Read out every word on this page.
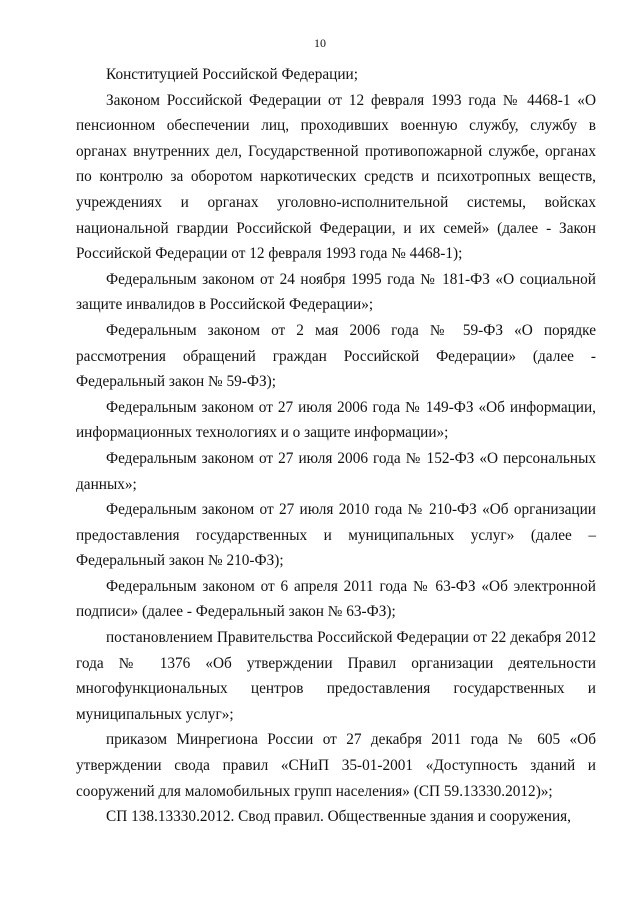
10

Конституцией Российской Федерации;

Законом Российской Федерации от 12 февраля 1993 года № 4468-1 «О пенсионном обеспечении лиц, проходивших военную службу, службу в органах внутренних дел, Государственной противопожарной службе, органах по контролю за оборотом наркотических средств и психотропных веществ, учреждениях и органах уголовно-исполнительной системы, войсках национальной гвардии Российской Федерации, и их семей» (далее - Закон Российской Федерации от 12 февраля 1993 года № 4468-1);

Федеральным законом от 24 ноября 1995 года № 181-ФЗ «О социальной защите инвалидов в Российской Федерации»;

Федеральным законом от 2 мая 2006 года № 59-ФЗ «О порядке рассмотрения обращений граждан Российской Федерации» (далее - Федеральный закон № 59-ФЗ);

Федеральным законом от 27 июля 2006 года № 149-ФЗ «Об информации, информационных технологиях и о защите информации»;

Федеральным законом от 27 июля 2006 года № 152-ФЗ «О персональных данных»;

Федеральным законом от 27 июля 2010 года № 210-ФЗ «Об организации предоставления государственных и муниципальных услуг» (далее – Федеральный закон № 210-ФЗ);

Федеральным законом от 6 апреля 2011 года № 63-ФЗ «Об электронной подписи» (далее - Федеральный закон № 63-ФЗ);

постановлением Правительства Российской Федерации от 22 декабря 2012 года № 1376 «Об утверждении Правил организации деятельности многофункциональных центров предоставления государственных и муниципальных услуг»;

приказом Минрегиона России от 27 декабря 2011 года № 605 «Об утверждении свода правил «СНиП 35-01-2001 «Доступность зданий и сооружений для маломобильных групп населения» (СП 59.13330.2012)»;

СП 138.13330.2012. Свод правил. Общественные здания и сооружения,
